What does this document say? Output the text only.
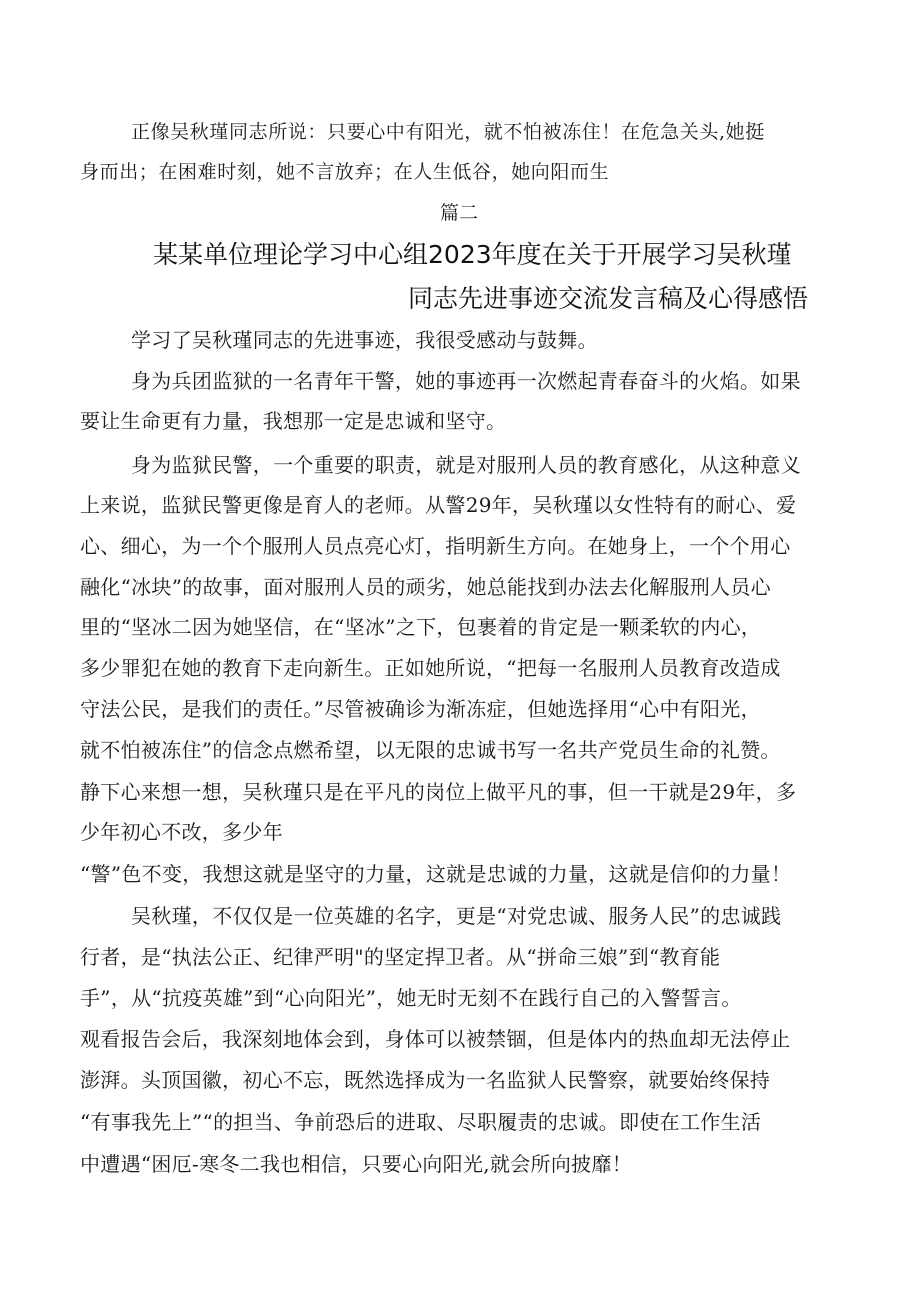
正像吴秋瑾同志所说：只要心中有阳光，就不怕被冻住！在危急关头,她挺
身而出；在困难时刻，她不言放弃；在人生低谷，她向阳而生
篇二
某某单位理论学习中心组2023年度在关于开展学习吴秋瑾
同志先进事迹交流发言稿及心得感悟
学习了吴秋瑾同志的先进事迹，我很受感动与鼓舞。
身为兵团监狱的一名青年干警，她的事迹再一次燃起青春奋斗的火焰。如果
要让生命更有力量，我想那一定是忠诚和坚守。
身为监狱民警，一个重要的职责，就是对服刑人员的教育感化，从这种意义
上来说，监狱民警更像是育人的老师。从警29年，吴秋瑾以女性特有的耐心、爱
心、细心，为一个个服刑人员点亮心灯，指明新生方向。在她身上，一个个用心
融化“冰块”的故事，面对服刑人员的顽劣，她总能找到办法去化解服刑人员心
里的“坚冰二因为她坚信，在“坚冰”之下，包裹着的肯定是一颗柔软的内心，
多少罪犯在她的教育下走向新生。正如她所说，“把每一名服刑人员教育改造成
守法公民，是我们的责任。”尽管被确诊为渐冻症，但她选择用“心中有阳光，
就不怕被冻住”的信念点燃希望，以无限的忠诚书写一名共产党员生命的礼赞。
静下心来想一想，吴秋瑾只是在平凡的岗位上做平凡的事，但一干就是29年，多
少年初心不改，多少年
“警”色不变，我想这就是坚守的力量，这就是忠诚的力量，这就是信仰的力量！
吴秋瑾，不仅仅是一位英雄的名字，更是“对党忠诚、服务人民”的忠诚践
行者，是“执法公正、纪律严明"的坚定捍卫者。从“拼命三娘”到“教育能
手”，从“抗疫英雄”到“心向阳光”，她无时无刻不在践行自己的入警誓言。
观看报告会后，我深刻地体会到，身体可以被禁锢，但是体内的热血却无法停止
澎湃。头顶国徽，初心不忘，既然选择成为一名监狱人民警察，就要始终保持
“有事我先上”“的担当、争前恐后的进取、尽职履责的忠诚。即使在工作生活
中遭遇“困厄-寒冬二我也相信，只要心向阳光,就会所向披靡！
